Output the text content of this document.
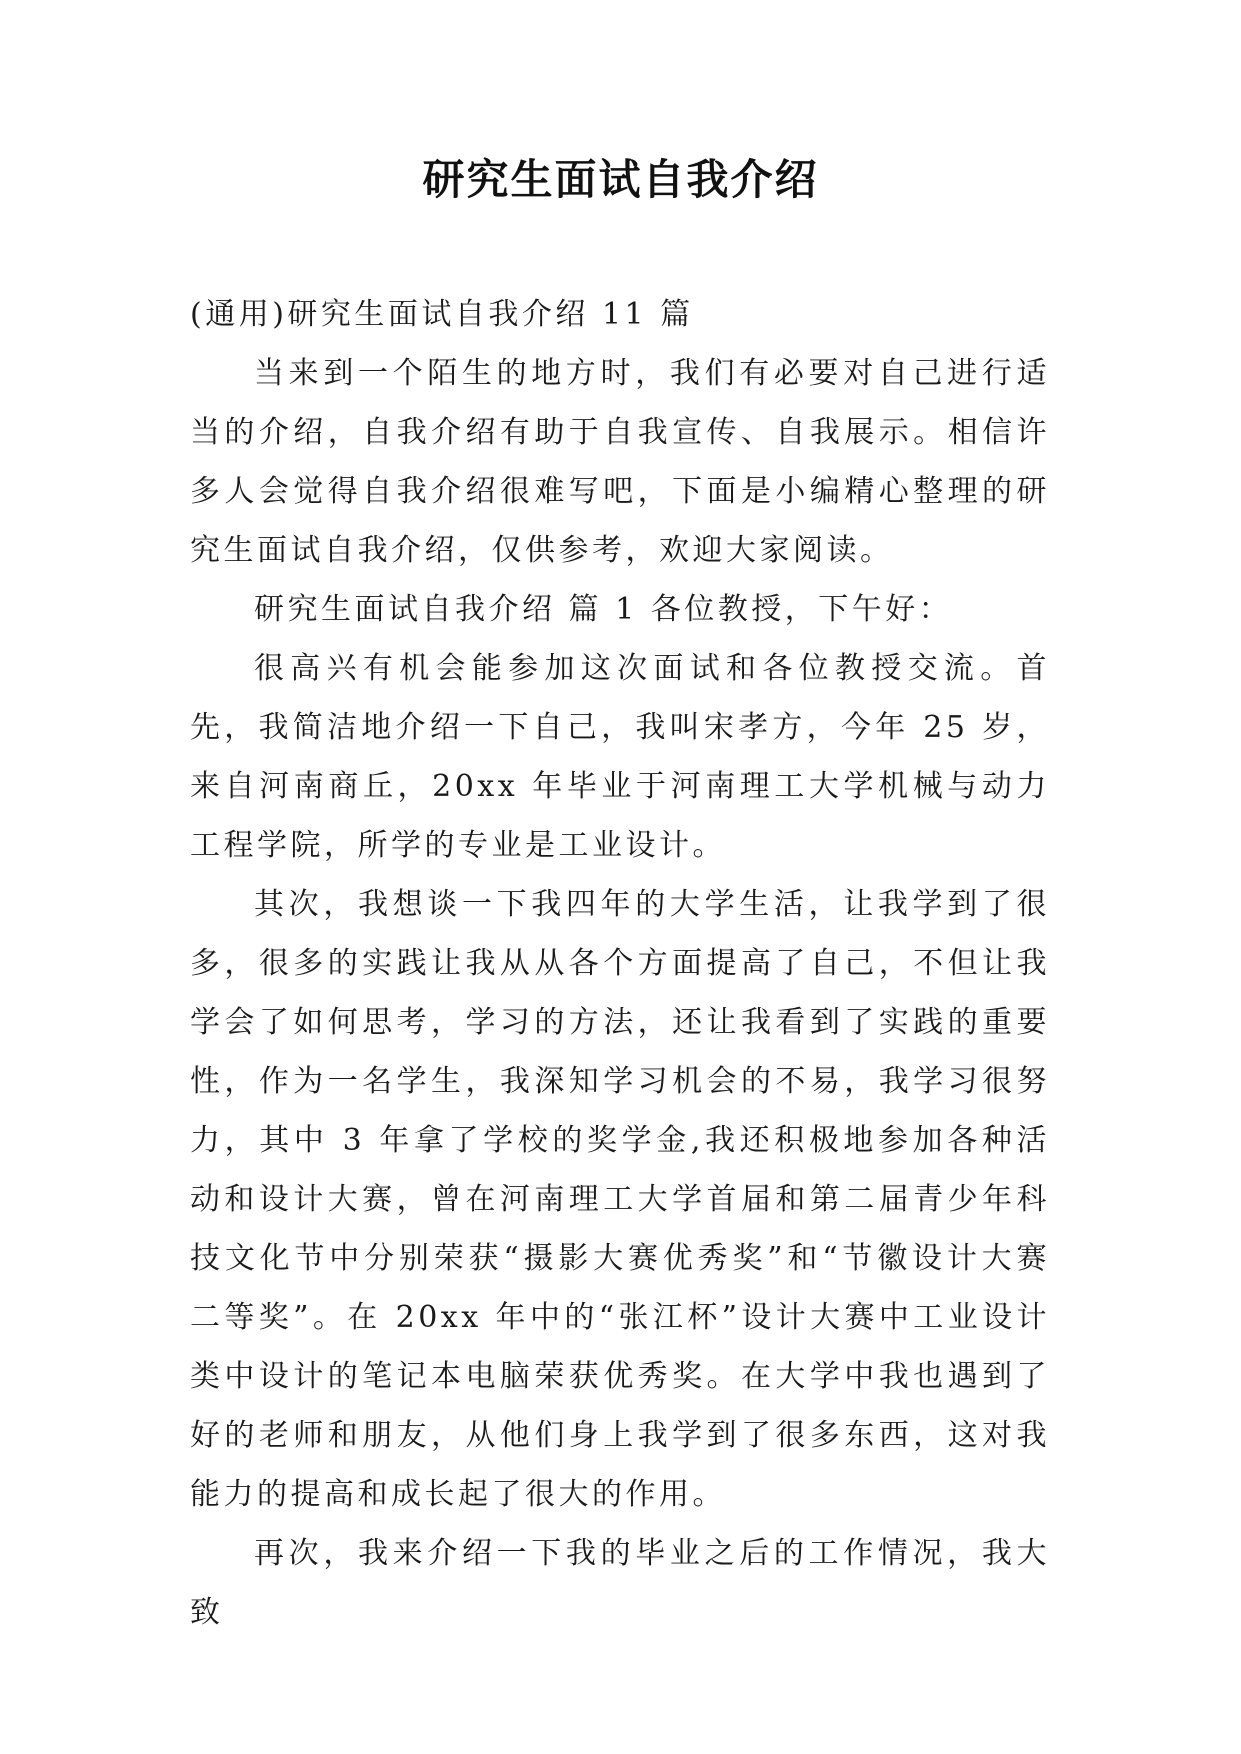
研究生面试自我介绍

(通用)研究生面试自我介绍 11 篇

当来到一个陌生的地方时，我们有必要对自己进行适当的介绍，自我介绍有助于自我宣传、自我展示。相信许多人会觉得自我介绍很难写吧，下面是小编精心整理的研究生面试自我介绍，仅供参考，欢迎大家阅读。

研究生面试自我介绍 篇 1 各位教授，下午好：

很高兴有机会能参加这次面试和各位教授交流。首先，我简洁地介绍一下自己，我叫宋孝方，今年 25 岁，来自河南商丘，20xx 年毕业于河南理工大学机械与动力工程学院，所学的专业是工业设计。

其次，我想谈一下我四年的大学生活，让我学到了很多，很多的实践让我从从各个方面提高了自己，不但让我学会了如何思考，学习的方法，还让我看到了实践的重要性，作为一名学生，我深知学习机会的不易，我学习很努力，其中 3 年拿了学校的奖学金,我还积极地参加各种活动和设计大赛，曾在河南理工大学首届和第二届青少年科技文化节中分别荣获“摄影大赛优秀奖”和“节徽设计大赛二等奖”。在 20xx 年中的“张江杯”设计大赛中工业设计类中设计的笔记本电脑荣获优秀奖。在大学中我也遇到了好的老师和朋友，从他们身上我学到了很多东西，这对我能力的提高和成长起了很大的作用。

再次，我来介绍一下我的毕业之后的工作情况，我大致
